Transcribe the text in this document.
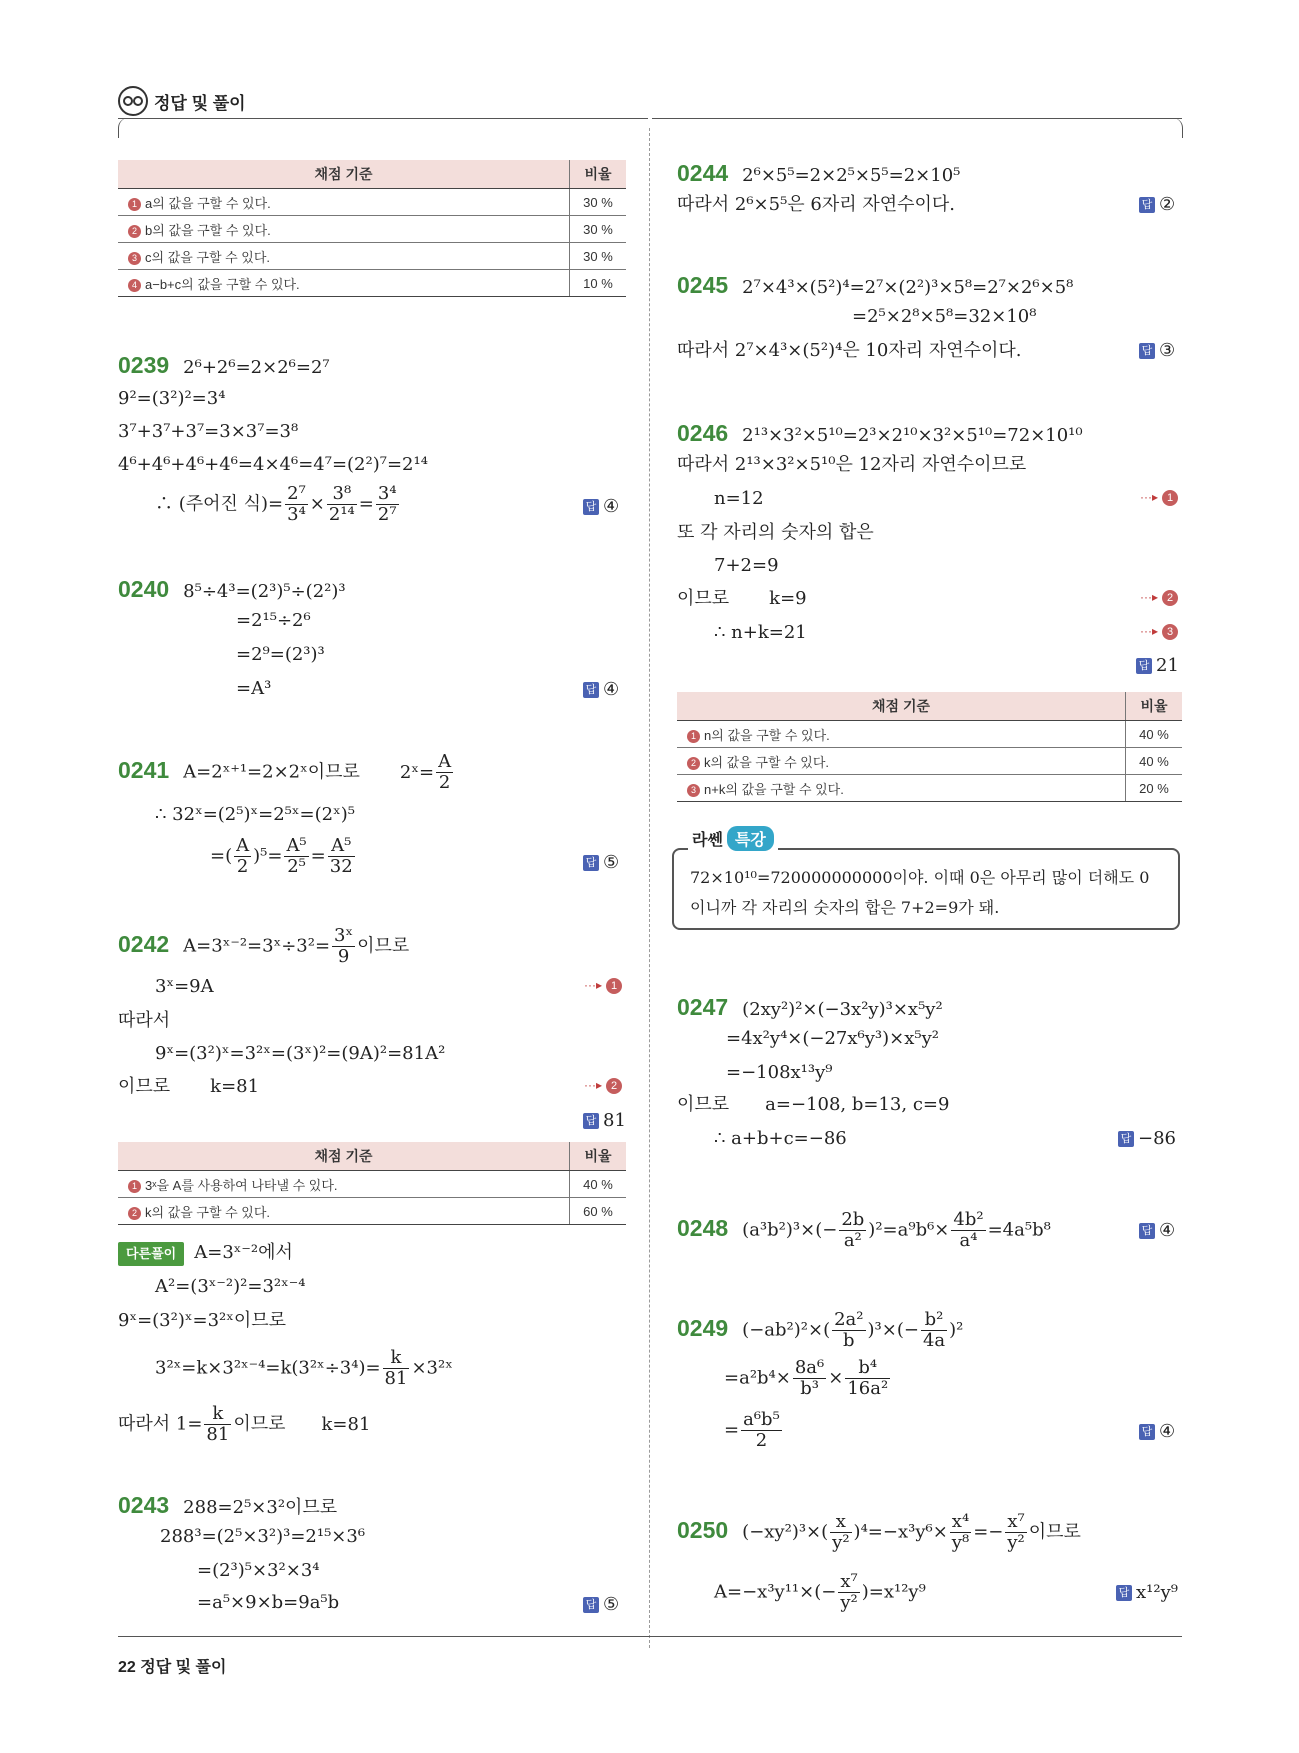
정답 및 풀이
채점 기준	비율
1 a의 값을 구할 수 있다.	30 %
2 b의 값을 구할 수 있다.	30 %
3 c의 값을 구할 수 있다.	30 %
4 a−b+c의 값을 구할 수 있다.	10 %
0239 2⁶+2⁶=2×2⁶=2⁷
9²=(3²)²=3⁴
3⁷+3⁷+3⁷=3×3⁷=3⁸
4⁶+4⁶+4⁶+4⁶=4×4⁶=4⁷=(2²)⁷=2¹⁴
∴ (주어진 식)= $\frac{\text{2⁷}}{\text{3⁴}} \times \frac{\text{3⁸}}{\text{2¹⁴}} = \frac{\text{3⁴}}{\text{2⁷}}$	답 ④
0240 8⁵÷4³=(2³)⁵÷(2²)³
=2¹⁵÷2⁶
=2⁹=(2³)³
=A³	답 ④
0241 A=2ˣ⁺¹=2×2ˣ이므로 2ˣ= $\frac{A}{2}$
∴ 32ˣ=(2⁵)ˣ=2⁵ˣ=(2ˣ)⁵
=( $\frac{A}{2} )^5= \frac{\text{A⁵}}{\text{2⁵}} = \frac{\text{A⁵}}{32}$	답 ⑤
0242 A=3ˣ⁻²=3ˣ÷3²= $\frac{\text{3ˣ}}{9}$ 이므로
3ˣ=9A	···▸ 1
따라서
9ˣ=(3²)ˣ=3²ˣ=(3ˣ)²=(9A)²=81A²
이므로 k=81	···▸ 2
답 81
채점 기준	비율
1 3ˣ을 A를 사용하여 나타낼 수 있다.	40 %
2 k의 값을 구할 수 있다.	60 %
다른풀이 A=3ˣ⁻²에서
A²=(3ˣ⁻²)²=3²ˣ⁻⁴
9ˣ=(3²)ˣ=3²ˣ이므로
3²ˣ=k×3²ˣ⁻⁴=k(3²ˣ÷3⁴)= $\frac{k}{81}$ ×3²ˣ
따라서 $1= \frac{k}{81}$ 이므로 k=81
0243 288=2⁵×3²이므로
288³=(2⁵×3²)³=2¹⁵×3⁶
=(2³)⁵×3²×3⁴
=a⁵×9×b=9a⁵b	답 ⑤
0244 2⁶×5⁵=2×2⁵×5⁵=2×10⁵
따라서 2⁶×5⁵은 6자리 자연수이다.	답 ②
0245 2⁷×4³×(5²)⁴=2⁷×(2²)³×5⁸=2⁷×2⁶×5⁸
=2⁵×2⁸×5⁸=32×10⁸
따라서 2⁷×4³×(5²)⁴은 10자리 자연수이다.	답 ③
0246 2¹³×3²×5¹⁰=2³×2¹⁰×3²×5¹⁰=72×10¹⁰
따라서 2¹³×3²×5¹⁰은 12자리 자연수이므로
n=12	···▸ 1
또 각 자리의 숫자의 합은
7+2=9
이므로 k=9	···▸ 2
∴ n+k=21	···▸ 3
답 21
채점 기준	비율
1 n의 값을 구할 수 있다.	40 %
2 k의 값을 구할 수 있다.	40 %
3 n+k의 값을 구할 수 있다.	20 %
라쎈 특강
72×10¹⁰=720000000000이야. 이때 0은 아무리 많이 더해도 0이니까 각 자리의 숫자의 합은 7+2=9가 돼.
0247 (2xy²)²×(−3x²y)³×x⁵y²
=4x²y⁴×(−27x⁶y³)×x⁵y²
=−108x¹³y⁹
이므로 a=−108, b=13, c=9
∴ a+b+c=−86	답 −86
0248 $(a^3b^2)^3\times(- \frac{2b}{\text{a²}} )^2=a^9b^6\times \frac{\text{4b²}}{\text{a⁴}} =4a^5b^8$	답 ④
0249 $(-ab^2)^2\times( \frac{\text{2a²}}{b} )^3\times(- \frac{\text{b²}}{4a} )^2$
$=a^2b^4\times \frac{\text{8a⁶}}{\text{b³}} \times \frac{\text{b⁴}}{\text{16a²}}$
= $\frac{\text{a⁶b⁵}}{2}$	답 ④
0250 $(-xy^2)^3\times( \frac{x}{\text{y²}} )^4=-x^3y^6\times \frac{\text{x⁴}}{\text{y⁸}} =- \frac{\text{x⁷}}{\text{y²}}$ 이므로
$A=-x^3y^{11}\times(- \frac{\text{x⁷}}{\text{y²}} )=x^{12}y^9$	답 x¹²y⁹
22 정답 및 풀이
